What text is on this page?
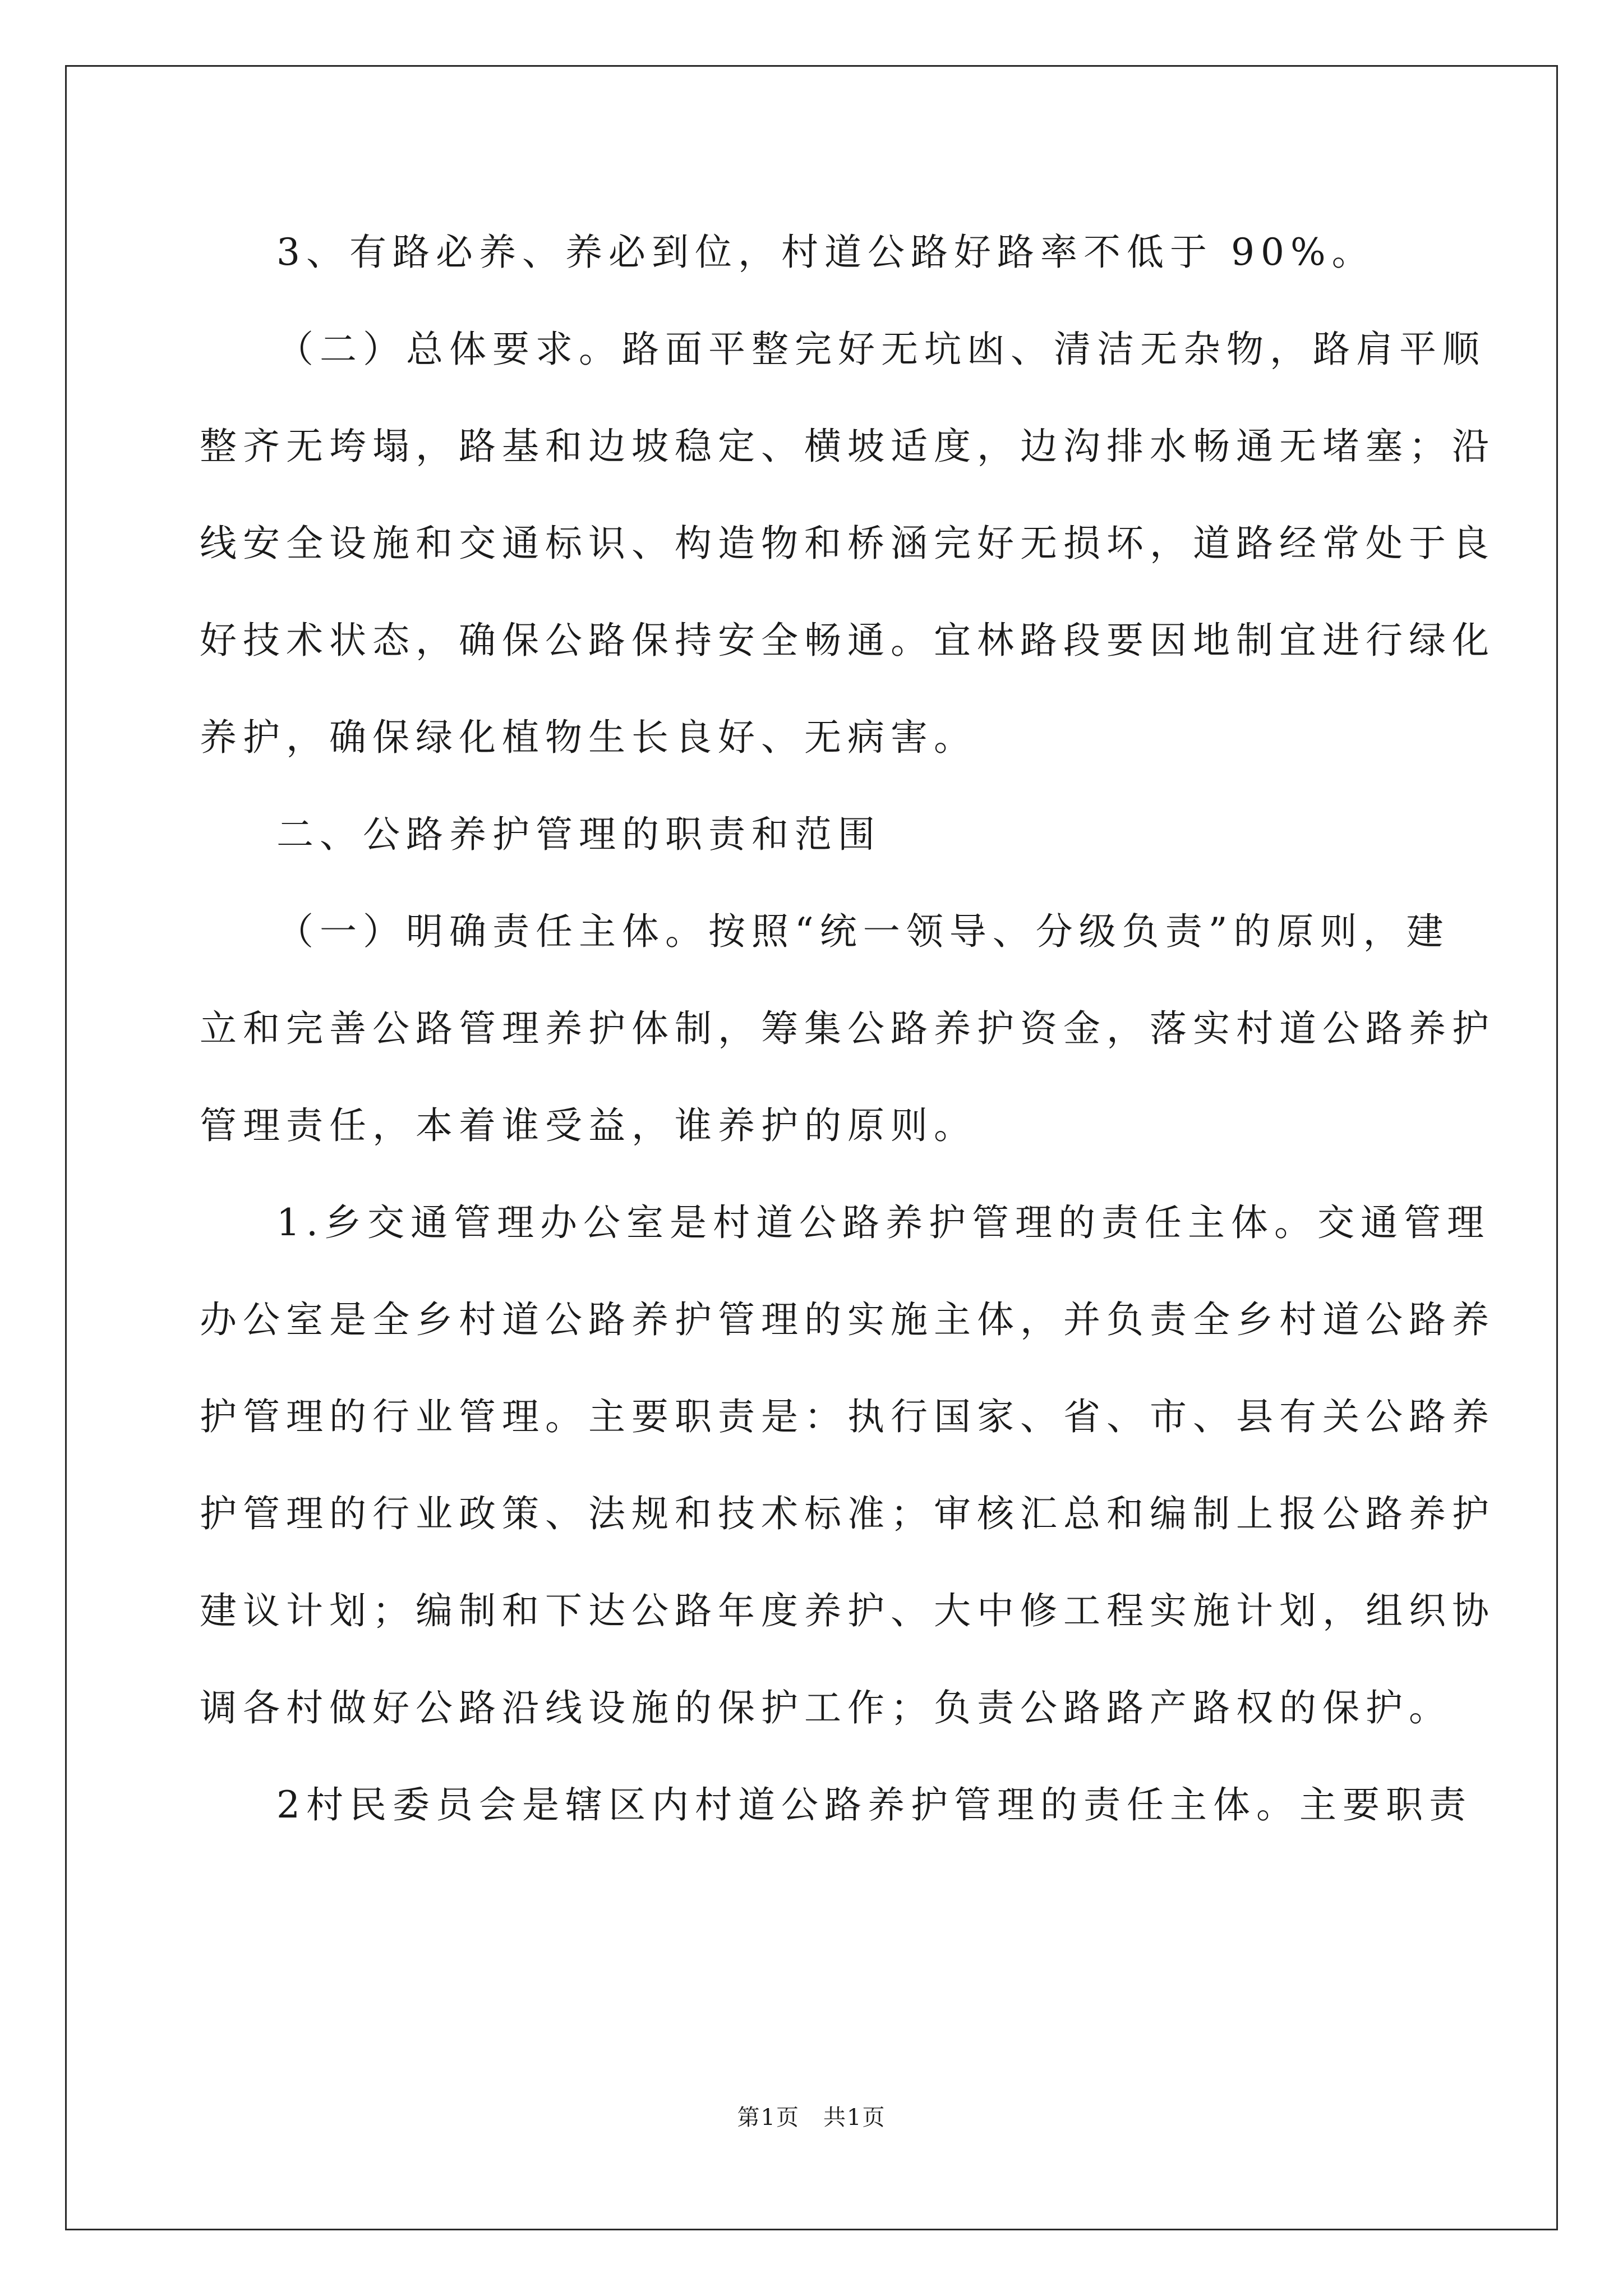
3、有路必养、养必到位，村道公路好路率不低于 90%。
（二）总体要求。路面平整完好无坑凼、清洁无杂物，路肩平顺
整齐无垮塌，路基和边坡稳定、横坡适度，边沟排水畅通无堵塞；沿
线安全设施和交通标识、构造物和桥涵完好无损坏，道路经常处于良
好技术状态，确保公路保持安全畅通。宜林路段要因地制宜进行绿化
养护，确保绿化植物生长良好、无病害。
二、公路养护管理的职责和范围
（一）明确责任主体。按照“统一领导、分级负责”的原则，建
立和完善公路管理养护体制，筹集公路养护资金，落实村道公路养护
管理责任，本着谁受益，谁养护的原则。
1.乡交通管理办公室是村道公路养护管理的责任主体。交通管理
办公室是全乡村道公路养护管理的实施主体，并负责全乡村道公路养
护管理的行业管理。主要职责是：执行国家、省、市、县有关公路养
护管理的行业政策、法规和技术标准；审核汇总和编制上报公路养护
建议计划；编制和下达公路年度养护、大中修工程实施计划，组织协
调各村做好公路沿线设施的保护工作；负责公路路产路权的保护。
2村民委员会是辖区内村道公路养护管理的责任主体。主要职责
第1页　共1页
